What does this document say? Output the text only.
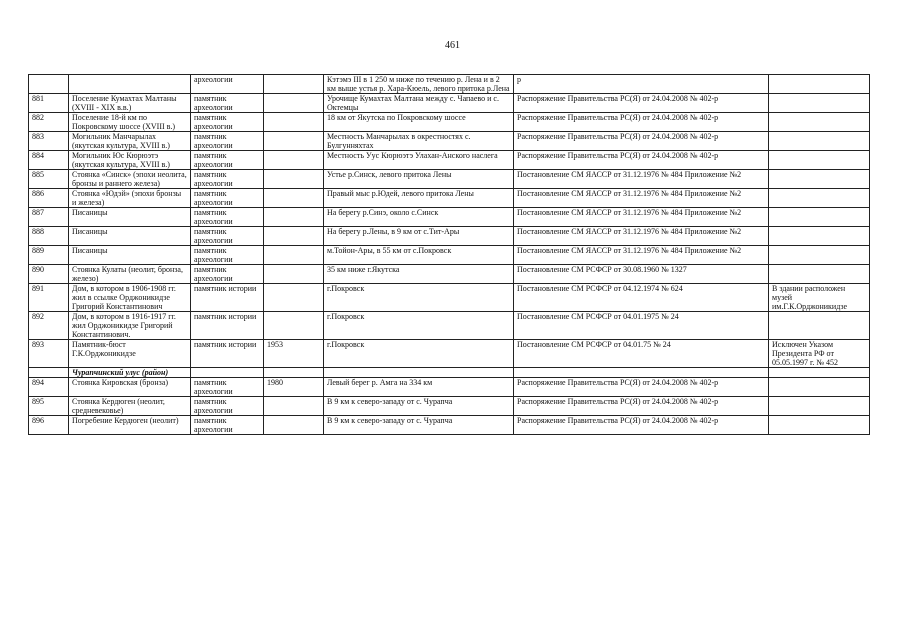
461
		археологии		Кэтэмэ III в 1 250 м ниже по течению р. Лена и в 2 км выше устья р. Хара-Кюель, левого притока р.Лена	р	
881	Поселение Кумахтах Малтаны (XVIII - XIX в.в.)	памятник археологии		Урочище Кумахтах Малтана между с. Чапаево и с. Октемцы	Распоряжение Правительства РС(Я) от 24.04.2008 № 402-р	
882	Поселение 18-й км по Покровскому шоссе (XVIII в.)	памятник археологии		18 км от Якутска по Покровскому шоссе	Распоряжение Правительства РС(Я) от 24.04.2008 № 402-р	
883	Могильник Манчарылах (якутская культура, XVIII в.)	памятник археологии		Местность Манчарылах в окрестностях с. Булгунняхтах	Распоряжение Правительства РС(Я) от 24.04.2008 № 402-р	
884	Могильник Юс Кюрюэтэ (якутская культура, XVIII в.)	памятник археологии		Местность Уус Кюрюэтэ Улахан-Анского наслега	Распоряжение Правительства РС(Я) от 24.04.2008 № 402-р	
885	Стоянка «Синск» (эпохи неолита, бронзы и раннего железа)	памятник археологии		Устье р.Синск, левого притока Лены	Постановление СМ ЯАССР от 31.12.1976 № 484 Приложение №2	
886	Стоянка «Юдэй» (эпохи бронзы и железа)	памятник археологии		Правый мыс р.Юдей, левого притока Лены	Постановление СМ ЯАССР от 31.12.1976 № 484 Приложение №2	
887	Писаницы	памятник археологии		На берегу р.Синэ, около с.Синск	Постановление СМ ЯАССР от 31.12.1976 № 484 Приложение №2	
888	Писаницы	памятник археологии		На берегу р.Лены, в 9 км от с.Тит-Ары	Постановление СМ ЯАССР от 31.12.1976 № 484 Приложение №2	
889	Писаницы	памятник археологии		м.Тойон-Ары, в 55 км от с.Покровск	Постановление СМ ЯАССР от 31.12.1976 № 484 Приложение №2	
890	Стоянка Кулаты (неолит, бронза, железо)	памятник археологии		35 км ниже г.Якутска	Постановление СМ РСФСР от 30.08.1960 № 1327	
891	Дом, в котором в 1906-1908 гг. жил в ссылке Орджоникидзе Григорий Константинович	памятник истории		г.Покровск	Постановление СМ РСФСР от 04.12.1974 № 624	В здании расположен музей им.Г.К.Орджоникидзе
892	Дом, в котором в 1916-1917 гг. жил Орджоникидзе Григорий Константинович.	памятник истории		г.Покровск	Постановление СМ РСФСР от 04.01.1975 № 24	
893	Памятник-бюст Г.К.Орджоникидзе	памятник истории	1953	г.Покровск	Постановление СМ РСФСР от 04.01.75 № 24	Исключен Указом Президента РФ от 05.05.1997 г. № 452
	Чурапчинский улус (район)					
894	Стоянка Кировская (бронза)	памятник археологии	1980	Левый берег р. Амга на 334 км	Распоряжение Правительства РС(Я) от 24.04.2008 № 402-р	
895	Стоянка Кердюген (неолит, средневековье)	памятник археологии		В 9 км к северо-западу от с. Чурапча	Распоряжение Правительства РС(Я) от 24.04.2008 № 402-р	
896	Погребение Кердюген (неолит)	памятник археологии		В 9 км к северо-западу от с. Чурапча	Распоряжение Правительства РС(Я) от 24.04.2008 № 402-р	
